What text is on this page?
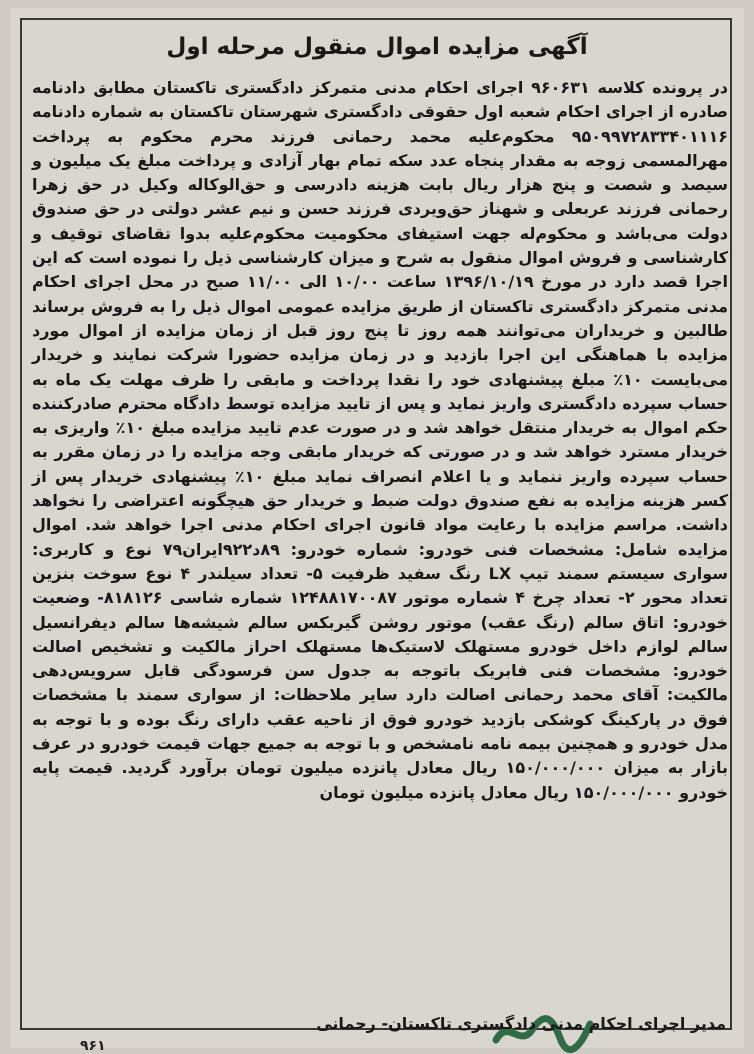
آگهی مزایده اموال منقول مرحله اول

در پرونده کلاسه ۹۶۰۶۳۱ اجرای احکام مدنی متمرکز دادگستری تاکستان مطابق دادنامه صادره از اجرای احکام شعبه اول حقوقی دادگستری شهرستان تاکستان به شماره دادنامه ۹۵۰۹۹۷۲۸۳۳۴۰۱۱۱۶ محکوم‌علیه محمد رحمانی فرزند محرم محکوم به پرداخت مهرالمسمی زوجه به مقدار پنجاه عدد سکه تمام بهار آزادی و پرداخت مبلغ یک میلیون و سیصد و شصت و پنج هزار ریال بابت هزینه دادرسی و حق‌الوکاله وکیل در حق زهرا رحمانی فرزند عربعلی و شهناز حق‌ویردی فرزند حسن و نیم عشر دولتی در حق صندوق دولت می‌باشد و محکوم‌له جهت استیفای محکومیت محکوم‌علیه بدوا تقاضای توقیف و کارشناسی و فروش اموال منقول به شرح و میزان کارشناسی ذیل را نموده است که این اجرا قصد دارد در مورخ ۱۳۹۶/۱۰/۱۹ ساعت ۱۰/۰۰ الی ۱۱/۰۰ صبح در محل اجرای احکام مدنی متمرکز دادگستری تاکستان از طریق مزایده عمومی اموال ذیل را به فروش برساند طالبین و خریداران می‌توانند همه روز تا پنج روز قبل از زمان مزایده از اموال مورد مزایده با هماهنگی این اجرا بازدید و در زمان مزایده حضورا شرکت نمایند و خریدار می‌بایست ۱۰٪ مبلغ پیشنهادی خود را نقدا پرداخت و مابقی را ظرف مهلت یک ماه به حساب سپرده دادگستری واریز نماید و پس از تایید مزایده توسط دادگاه محترم صادرکننده حکم اموال به خریدار منتقل خواهد شد و در صورت عدم تایید مزایده مبلغ ۱۰٪ واریزی به خریدار مسترد خواهد شد و در صورتی که خریدار مابقی وجه مزایده را در زمان مقرر به حساب سپرده واریز ننماید و یا اعلام انصراف نماید مبلغ ۱۰٪ پیشنهادی خریدار پس از کسر هزینه مزایده به نفع صندوق دولت ضبط و خریدار حق هیچگونه اعتراضی را نخواهد داشت. مراسم مزایده با رعایت مواد قانون اجرای احکام مدنی اجرا خواهد شد. اموال مزایده شامل: مشخصات فنی خودرو: شماره خودرو: ۸۹د۹۲۲ایران۷۹ نوع و کاربری: سواری سیستم سمند تیپ LX رنگ سفید ظرفیت ۵- تعداد سیلندر ۴ نوع سوخت بنزین تعداد محور ۲- تعداد چرخ ۴ شماره موتور ۱۲۴۸۸۱۷۰۰۸۷ شماره شاسی ۸۱۸۱۲۶- وضعیت خودرو: اتاق سالم (رنگ عقب) موتور روشن گیربکس سالم شیشه‌ها سالم دیفرانسیل سالم لوازم داخل خودرو مستهلک لاستیک‌ها مستهلک احراز مالکیت و تشخیص اصالت خودرو: مشخصات فنی فابریک باتوجه به جدول سن فرسودگی قابل سرویس‌دهی مالکیت: آقای محمد رحمانی اصالت دارد سایر ملاحظات: از سواری سمند با مشخصات فوق در پارکینگ کوشکی بازدید خودرو فوق از ناحیه عقب دارای رنگ بوده و با توجه به مدل خودرو و همچنین بیمه نامه نامشخص و با توجه به جمیع جهات قیمت خودرو در عرف بازار به میزان ۱۵۰/۰۰۰/۰۰۰ ریال معادل پانزده میلیون تومان برآورد گردید. قیمت پایه خودرو ۱۵۰/۰۰۰/۰۰۰ ریال معادل پانزده میلیون تومان

مدیر اجرای احکام مدنی دادگستری تاکستان- رحمانی
۹۶۱
